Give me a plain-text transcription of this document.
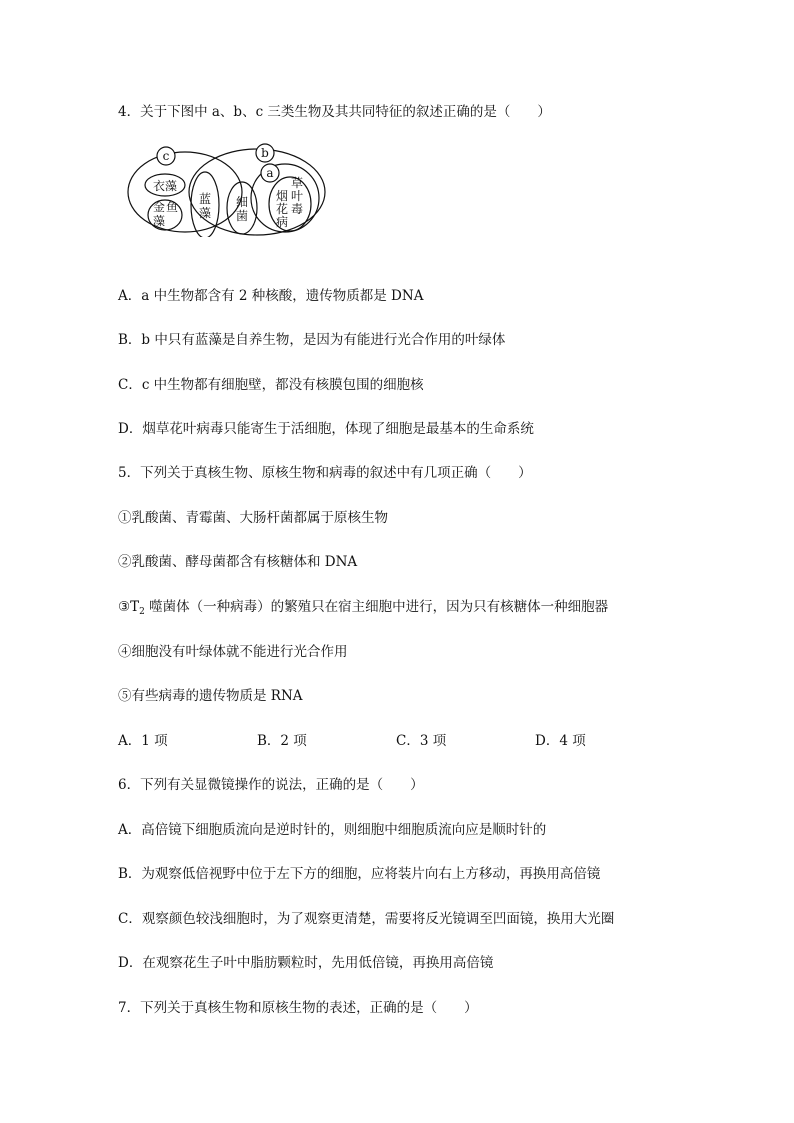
4．关于下图中 a、b、c 三类生物及其共同特征的叙述正确的是（　　）
c	b
a
衣藻
金 鱼
藻
蓝
藻
细
菌
烟
花
病
草
叶
毒
A．a 中生物都含有 2 种核酸，遗传物质都是 DNA
B．b 中只有蓝藻是自养生物，是因为有能进行光合作用的叶绿体
C．c 中生物都有细胞壁，都没有核膜包围的细胞核
D．烟草花叶病毒只能寄生于活细胞，体现了细胞是最基本的生命系统
5．下列关于真核生物、原核生物和病毒的叙述中有几项正确（　　）
①乳酸菌、青霉菌、大肠杆菌都属于原核生物
②乳酸菌、酵母菌都含有核糖体和 DNA
$③T_2$ 噬菌体（一种病毒）的繁殖只在宿主细胞中进行，因为只有核糖体一种细胞器
④细胞没有叶绿体就不能进行光合作用
⑤有些病毒的遗传物质是 RNA
A．1 项	B．2 项	C．3 项	D．4 项
6．下列有关显微镜操作的说法，正确的是（　　）
A．高倍镜下细胞质流向是逆时针的，则细胞中细胞质流向应是顺时针的
B．为观察低倍视野中位于左下方的细胞，应将装片向右上方移动，再换用高倍镜
C．观察颜色较浅细胞时，为了观察更清楚，需要将反光镜调至凹面镜，换用大光圈
D．在观察花生子叶中脂肪颗粒时，先用低倍镜，再换用高倍镜
7．下列关于真核生物和原核生物的表述，正确的是（　　）
